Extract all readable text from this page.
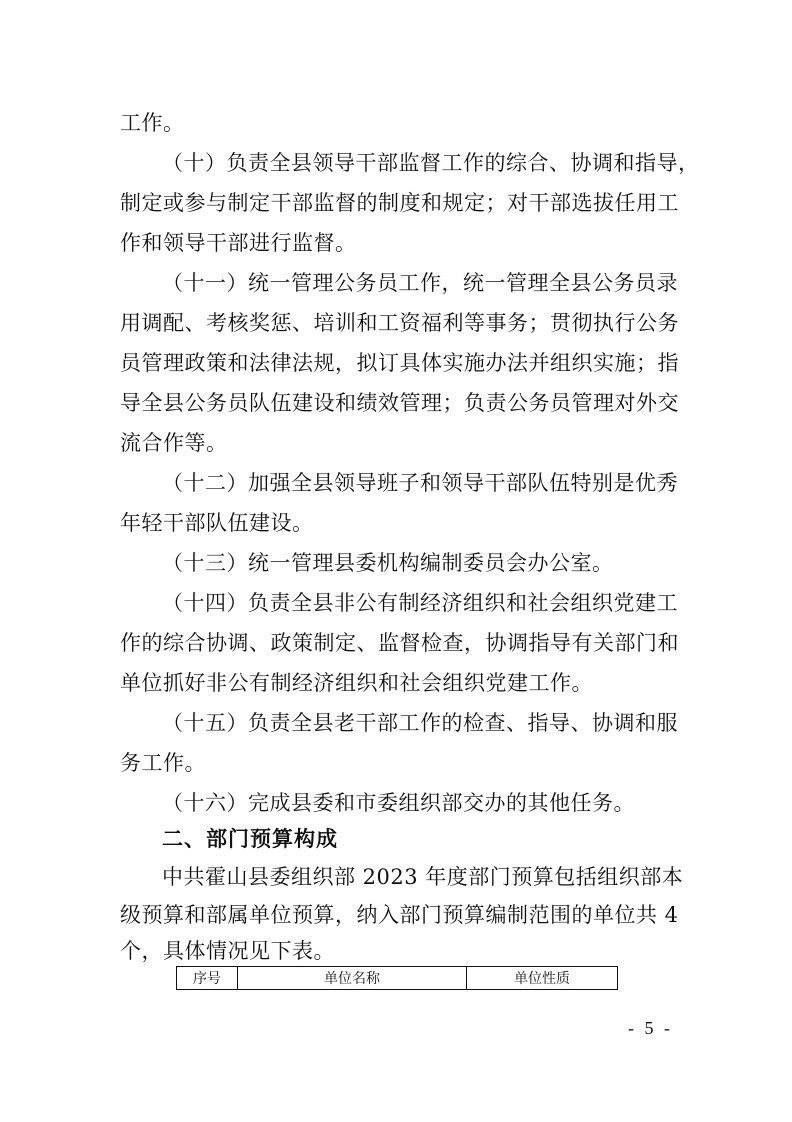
工作。
（十）负责全县领导干部监督工作的综合、协调和指导，
制定或参与制定干部监督的制度和规定；对干部选拔任用工
作和领导干部进行监督。
（十一）统一管理公务员工作，统一管理全县公务员录
用调配、考核奖惩、培训和工资福利等事务；贯彻执行公务
员管理政策和法律法规，拟订具体实施办法并组织实施；指
导全县公务员队伍建设和绩效管理；负责公务员管理对外交
流合作等。
（十二）加强全县领导班子和领导干部队伍特别是优秀
年轻干部队伍建设。
（十三）统一管理县委机构编制委员会办公室。
（十四）负责全县非公有制经济组织和社会组织党建工
作的综合协调、政策制定、监督检查，协调指导有关部门和
单位抓好非公有制经济组织和社会组织党建工作。
（十五）负责全县老干部工作的检查、指导、协调和服
务工作。
（十六）完成县委和市委组织部交办的其他任务。
二、部门预算构成
中共霍山县委组织部 2023 年度部门预算包括组织部本
级预算和部属单位预算，纳入部门预算编制范围的单位共 4
个，具体情况见下表。
序号	单位名称	单位性质
- 5 -
